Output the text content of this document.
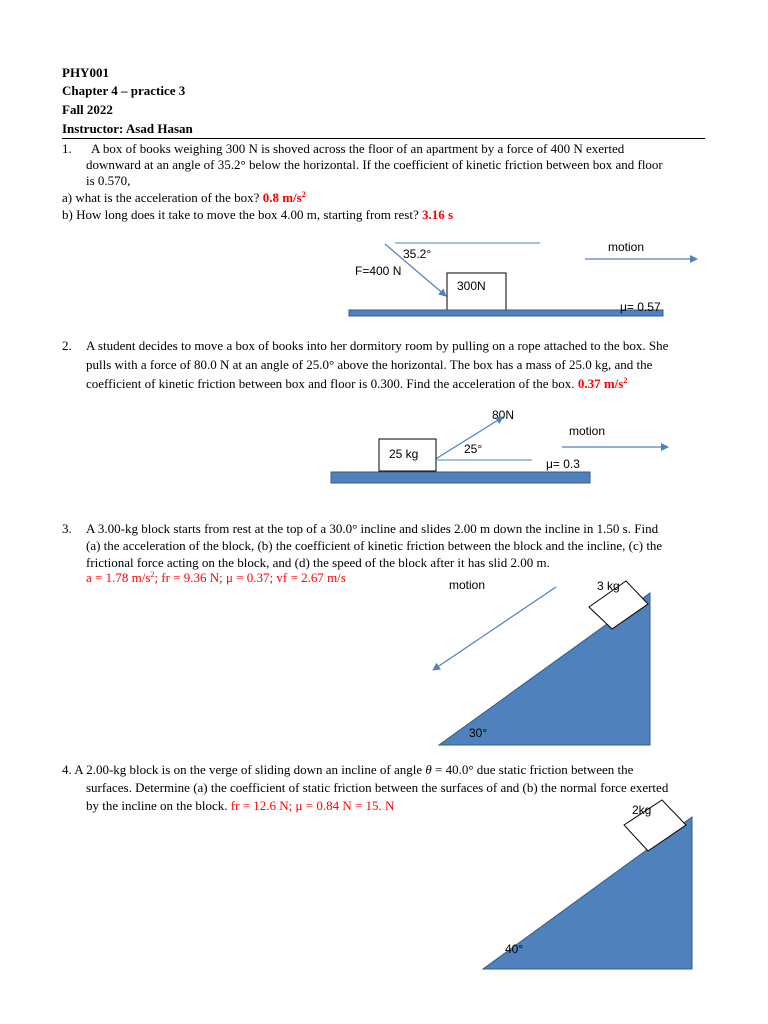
PHY001
Chapter 4 – practice 3
Fall 2022
Instructor: Asad Hasan
1. A box of books weighing 300 N is shoved across the floor of an apartment by a force of 400 N exerted
downward at an angle of 35.2° below the horizontal. If the coefficient of kinetic friction between box and floor
is 0.570,
a) what is the acceleration of the box? 0.8 $m/s^2$
b) How long does it take to move the box 4.00 m, starting from rest? 3.16 s
35.2°
F=400 N
300N
motion
μ= 0.57
2. A student decides to move a box of books into her dormitory room by pulling on a rope attached to the box. She
pulls with a force of 80.0 N at an angle of 25.0° above the horizontal. The box has a mass of 25.0 kg, and the
coefficient of kinetic friction between box and floor is 0.300. Find the acceleration of the box. 0.37 $m/s^2$
80N
25 kg	25°
motion
μ= 0.3
3. A 3.00-kg block starts from rest at the top of a 30.0° incline and slides 2.00 m down the incline in 1.50 s. Find
(a) the acceleration of the block, (b) the coefficient of kinetic friction between the block and the incline, (c) the
frictional force acting on the block, and (d) the speed of the block after it has slid 2.00 m.
a = 1.78 $m/s^2$; fr = 9.36 N; μ = 0.37; vf = 2.67 m/s	motion	3 kg
30°
4. A 2.00-kg block is on the verge of sliding down an incline of angle θ = 40.0° due static friction between the
surfaces. Determine (a) the coefficient of static friction between the surfaces of and (b) the normal force exerted
by the incline on the block. fr = 12.6 N; μ = 0.84 N = 15. N	2kg
40°
